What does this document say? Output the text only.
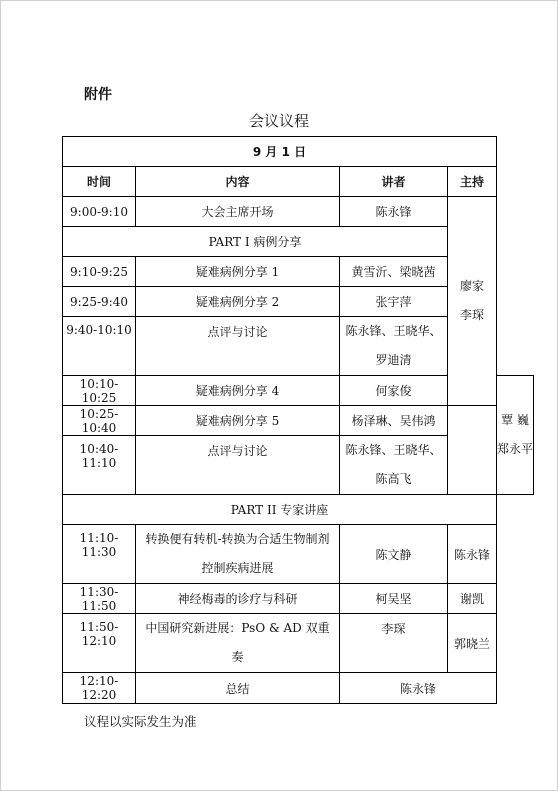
附件
会议议程
9 月 1 日				
时间	内容	讲者	主持	
9:00-9:10	大会主席开场	陈永锋	廖家
李琛	

PART I 病例分享				
9:10-9:25	疑难病例分享 1	黄雪沂、梁晓茜		
9:25-9:40	疑难病例分享 2	张宇萍		
9:40-10:10	点评与讨论	陈永锋、王晓华、
罗迪清		

10:10-10:25	疑难病例分享 4	何家俊		覃 巍
郑永平

10:25-10:40	疑难病例分享 5	杨泽琳、吴伟鸿		
10:40-11:10	点评与讨论	陈永锋、王晓华、
陈高飞		

PART II 专家讲座				
11:10-11:30	转换便有转机-转换为合适生物制剂
控制疾病进展	陈文静	陈永锋	
11:30-11:50	神经梅毒的诊疗与科研	柯吴坚	谢凯	
11:50-12:10	中国研究新进展：PsO & AD 双重
奏	李琛	郭晓兰	
12:10-12:20	总结	陈永锋		
议程以实际发生为准
